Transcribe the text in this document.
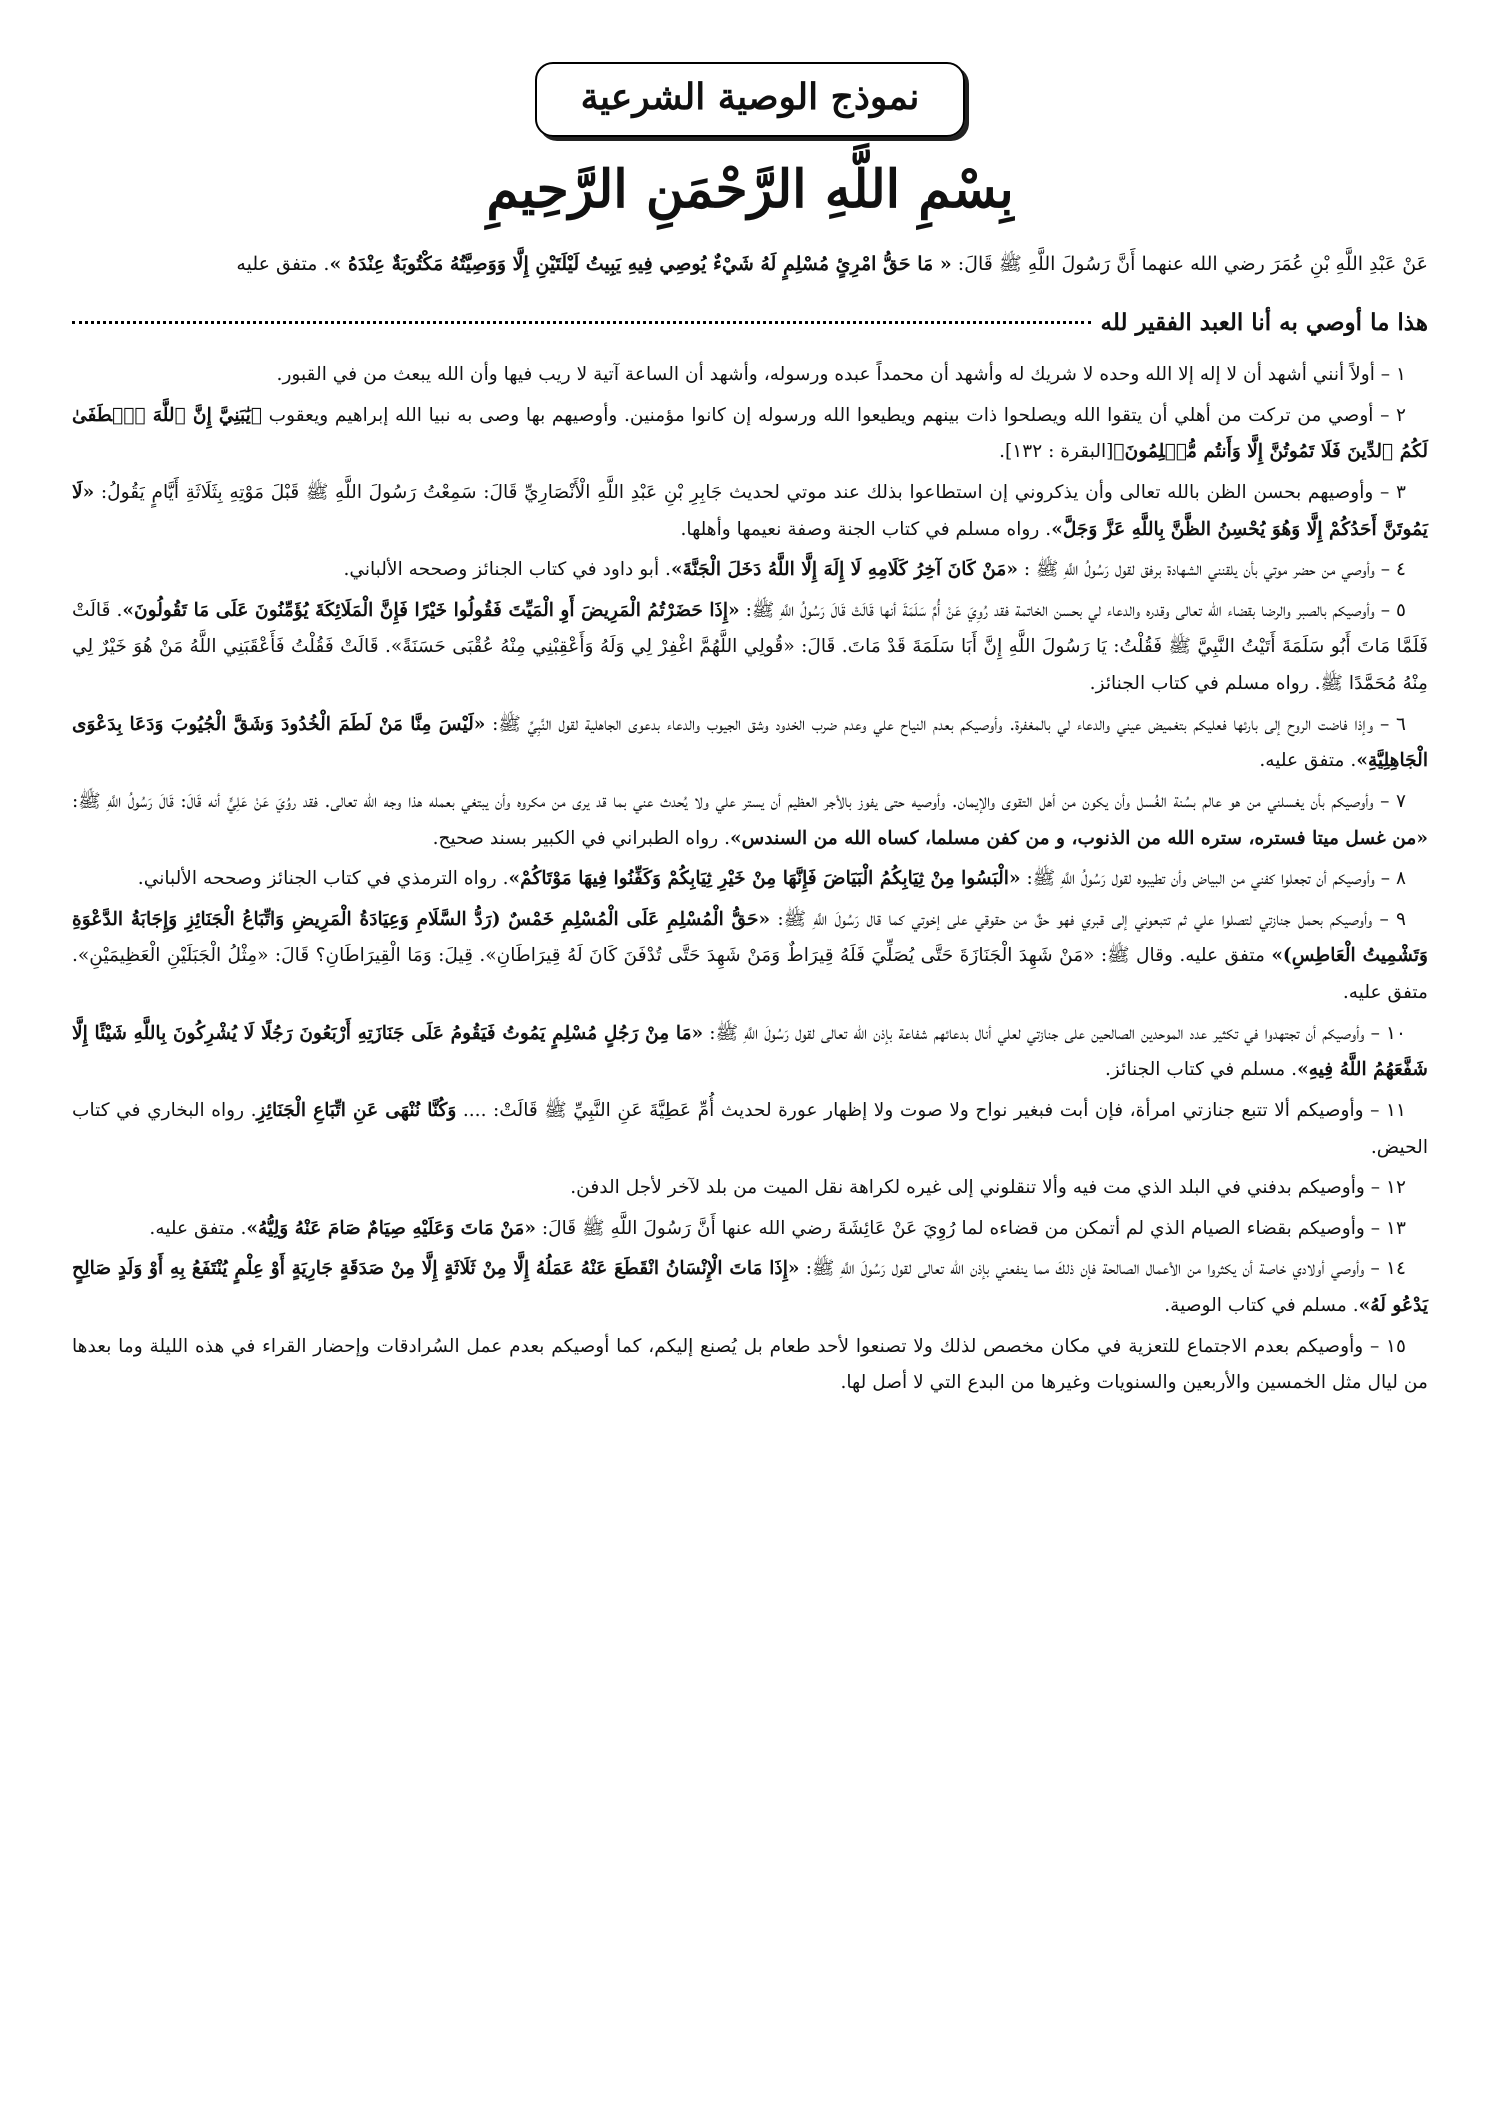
نموذج الوصية الشرعية
بِسْمِ اللَّهِ الرَّحْمَنِ الرَّحِيمِ

عَنْ عَبْدِ اللَّهِ بْنِ عُمَرَ رضي الله عنهما أَنَّ رَسُولَ اللَّهِ ﷺ قَالَ: « مَا حَقُّ امْرِئٍ مُسْلِمٍ لَهُ شَيْءٌ يُوصِي فِيهِ يَبِيتُ لَيْلَتَيْنِ إِلَّا وَوَصِيَّتُهُ مَكْتُوبَةٌ عِنْدَهُ ». متفق عليه

هذا ما أوصي به أنا العبد الفقير لله

١ – أولاً أنني أشهد أن لا إله إلا الله وحده لا شريك له وأشهد أن محمداً عبده ورسوله، وأشهد أن الساعة آتية لا ريب فيها وأن الله يبعث من في القبور.

٢ – أوصي من تركت من أهلي أن يتقوا الله ويصلحوا ذات بينهم ويطيعوا الله ورسوله إن كانوا مؤمنين. وأوصيهم بها وصى به نبيا الله إبراهيم ويعقوب ﴿يَٰبَنِيَّ إِنَّ ٱللَّهَ ٱصۡطَفَىٰ لَكُمُ ٱلدِّينَ فَلَا تَمُوتُنَّ إِلَّا وَأَنتُم مُّسۡلِمُونَ﴾[البقرة : ١٣٢].

٣ – وأوصيهم بحسن الظن بالله تعالى وأن يذكروني إن استطاعوا بذلك عند موتي لحديث جَابِرِ بْنِ عَبْدِ اللَّهِ الْأَنْصَارِيِّ قَالَ: سَمِعْتُ رَسُولَ اللَّهِ ﷺ قَبْلَ مَوْتِهِ بِثَلَاثَةِ أَيَّامٍ يَقُولُ: «لَا يَمُوتَنَّ أَحَدُكُمْ إِلَّا وَهُوَ يُحْسِنُ الظَّنَّ بِاللَّهِ عَزَّ وَجَلَّ». رواه مسلم في كتاب الجنة وصفة نعيمها وأهلها.

٤ – وأوصي من حضر موتي بأن يلقنني الشهادة برفق لقول رَسُولُ اللَّهِ ﷺ : «مَنْ كَانَ آخِرُ كَلَامِهِ لَا إِلَهَ إِلَّا اللَّهُ دَخَلَ الْجَنَّةَ». أبو داود في كتاب الجنائز وصححه الألباني.

٥ – وأوصيكم بالصبر والرضا بقضاء الله تعالى وقدره والدعاء لي بحسن الخاتمة فقد رُوِيَ عَنْ أُمِّ سَلَمَةَ أنها قَالَتْ قَالَ رَسُولُ اللَّهِ ﷺ: «إِذَا حَضَرْتُمُ الْمَرِيضَ أَوِ الْمَيِّتَ فَقُولُوا خَيْرًا فَإِنَّ الْمَلَائِكَةَ يُؤَمِّنُونَ عَلَى مَا تَقُولُونَ». قَالَتْ فَلَمَّا مَاتَ أَبُو سَلَمَةَ أَتَيْتُ النَّبِيَّ ﷺ فَقُلْتُ: يَا رَسُولَ اللَّهِ إِنَّ أَبَا سَلَمَةَ قَدْ مَاتَ. قَالَ: «قُولِي اللَّهُمَّ اغْفِرْ لِي وَلَهُ وَأَعْقِبْنِي مِنْهُ عُقْبَى حَسَنَةً». قَالَتْ فَقُلْتُ فَأَعْقَبَنِي اللَّهُ مَنْ هُوَ خَيْرٌ لِي مِنْهُ مُحَمَّدًا ﷺ. رواه مسلم في كتاب الجنائز.

٦ – وإذا فاضت الروح إلى بارئها فعليكم بتغميض عيني والدعاء لي بالمغفرة. وأوصيكم بعدم النياح علي وعدم ضرب الخدود وشق الجيوب والدعاء بدعوى الجاهلية لقول النَّبِيِّ ﷺ: «لَيْسَ مِنَّا مَنْ لَطَمَ الْخُدُودَ وَشَقَّ الْجُيُوبَ وَدَعَا بِدَعْوَى الْجَاهِلِيَّةِ». متفق عليه.

٧ – وأوصيكم بأن يغسلني من هو عالم بسُنة الغُسل وأن يكون من أهل التقوى والإيمان. وأوصيه حتى يفوز بالأجر العظيم أن يستر علي ولا يُحدث عني بما قد يرى من مكروه وأن يبتغي بعمله هذا وجه الله تعالى. فقد روُيَ عَنْ عَلِيٍّ أنه قَالَ: قَالَ رَسُولُ اللَّهِ ﷺ: «من غسل ميتا فستره، ستره الله من الذنوب، و من كفن مسلما، كساه الله من السندس». رواه الطبراني في الكبير بسند صحيح.

٨ – وأوصيكم أن تجعلوا كفني من البياض وأن تطيبوه لقول رَسُولُ اللَّهِ ﷺ: «الْبَسُوا مِنْ ثِيَابِكُمُ الْبَيَاضَ فَإِنَّهَا مِنْ خَيْرِ ثِيَابِكُمْ وَكَفِّنُوا فِيهَا مَوْتَاكُمْ». رواه الترمذي في كتاب الجنائز وصححه الألباني.

٩ – وأوصيكم بحمل جنازتي لتصلوا علي ثم تتبعوني إلى قبري فهو حقٌ من حقوقي على إخوتي كما قال رَسُولَ اللَّهِ ﷺ: «حَقُّ الْمُسْلِمِ عَلَى الْمُسْلِمِ خَمْسٌ (رَدُّ السَّلَامِ وَعِيَادَةُ الْمَرِيضِ وَاتِّبَاعُ الْجَنَائِزِ وَإِجَابَةُ الدَّعْوَةِ وَتَشْمِيتُ الْعَاطِسِ)» متفق عليه. وقال ﷺ: «مَنْ شَهِدَ الْجَنَازَةَ حَتَّى يُصَلِّيَ فَلَهُ قِيرَاطٌ وَمَنْ شَهِدَ حَتَّى تُدْفَنَ كَانَ لَهُ قِيرَاطَانِ». قِيلَ: وَمَا الْقِيرَاطَانِ؟ قَالَ: «مِثْلُ الْجَبَلَيْنِ الْعَظِيمَيْنِ». متفق عليه.

١٠ – وأوصيكم أن تجتهدوا في تكثير عدد الموحدين الصالحين على جنازتي لعلي أنال بدعائهم شفاعة بإذن الله تعالى لقول رَسُولَ اللَّهِ ﷺ: «مَا مِنْ رَجُلٍ مُسْلِمٍ يَمُوتُ فَيَقُومُ عَلَى جَنَازَتِهِ أَرْبَعُونَ رَجُلًا لَا يُشْرِكُونَ بِاللَّهِ شَيْئًا إِلَّا شَفَّعَهُمُ اللَّهُ فِيهِ». مسلم في كتاب الجنائز.

١١ – وأوصيكم ألا تتبع جنازتي امرأة، فإن أبت فبغير نواح ولا صوت ولا إظهار عورة لحديث أُمِّ عَطِيَّةَ عَنِ النَّبِيِّ ﷺ قَالَتْ: .... وَكُنَّا نُنْهَى عَنِ اتِّبَاعِ الْجَنَائِزِ. رواه البخاري في كتاب الحيض.

١٢ – وأوصيكم بدفني في البلد الذي مت فيه وألا تنقلوني إلى غيره لكراهة نقل الميت من بلد لآخر لأجل الدفن.

١٣ – وأوصيكم بقضاء الصيام الذي لم أتمكن من قضاءه لما رُوِيَ عَنْ عَائِشَةَ رضي الله عنها أَنَّ رَسُولَ اللَّهِ ﷺ قَالَ: «مَنْ مَاتَ وَعَلَيْهِ صِيَامٌ صَامَ عَنْهُ وَلِيُّهُ». متفق عليه.

١٤ – وأوصي أولادي خاصة أن يكثروا من الأعمال الصالحة فإن ذلكَ مما ينفعني بإذن الله تعالى لقول رَسُولَ اللَّهِ ﷺ: «إِذَا مَاتَ الْإِنْسَانُ انْقَطَعَ عَنْهُ عَمَلُهُ إِلَّا مِنْ ثَلَاثَةٍ إِلَّا مِنْ صَدَقَةٍ جَارِيَةٍ أَوْ عِلْمٍ يُنْتَفَعُ بِهِ أَوْ وَلَدٍ صَالِحٍ يَدْعُو لَهُ». مسلم في كتاب الوصية.

١٥ – وأوصيكم بعدم الاجتماع للتعزية في مكان مخصص لذلك ولا تصنعوا لأحد طعام بل يُصنع إليكم، كما أوصيكم بعدم عمل السُرادقات وإحضار القراء في هذه الليلة وما بعدها من ليال مثل الخمسين والأربعين والسنويات وغيرها من البدع التي لا أصل لها.
